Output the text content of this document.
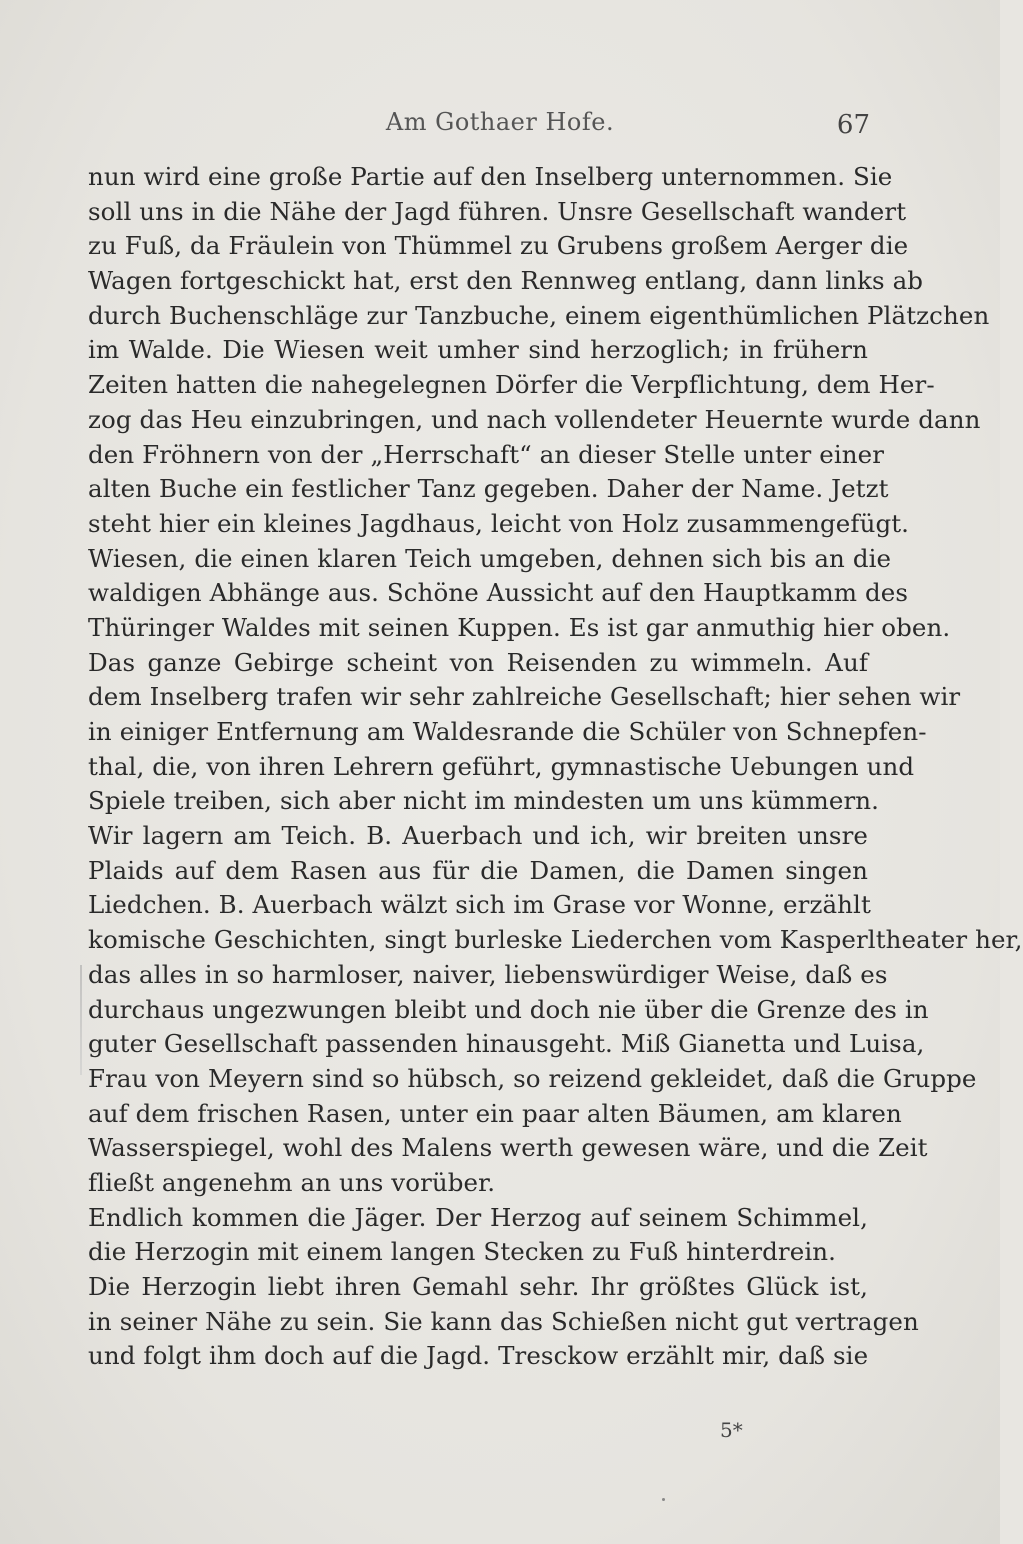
Am Gothaer Hofe.	67
nun wird eine große Partie auf den Inselberg unternommen. Sie
soll uns in die Nähe der Jagd führen. Unsre Gesellschaft wandert
zu Fuß, da Fräulein von Thümmel zu Grubens großem Aerger die
Wagen fortgeschickt hat, erst den Rennweg entlang, dann links ab
durch Buchenschläge zur Tanzbuche, einem eigenthümlichen Plätzchen
im Walde. Die Wiesen weit umher sind herzoglich; in frühern
Zeiten hatten die nahegelegnen Dörfer die Verpflichtung, dem Her-
zog das Heu einzubringen, und nach vollendeter Heuernte wurde dann
den Fröhnern von der „Herrschaft“ an dieser Stelle unter einer
alten Buche ein festlicher Tanz gegeben. Daher der Name. Jetzt
steht hier ein kleines Jagdhaus, leicht von Holz zusammengefügt.
Wiesen, die einen klaren Teich umgeben, dehnen sich bis an die
waldigen Abhänge aus. Schöne Aussicht auf den Hauptkamm des
Thüringer Waldes mit seinen Kuppen. Es ist gar anmuthig hier oben.
Das ganze Gebirge scheint von Reisenden zu wimmeln. Auf
dem Inselberg trafen wir sehr zahlreiche Gesellschaft; hier sehen wir
in einiger Entfernung am Waldesrande die Schüler von Schnepfen-
thal, die, von ihren Lehrern geführt, gymnastische Uebungen und
Spiele treiben, sich aber nicht im mindesten um uns kümmern.
Wir lagern am Teich. B. Auerbach und ich, wir breiten unsre
Plaids auf dem Rasen aus für die Damen, die Damen singen
Liedchen. B. Auerbach wälzt sich im Grase vor Wonne, erzählt
komische Geschichten, singt burleske Liederchen vom Kasperltheater her,
das alles in so harmloser, naiver, liebenswürdiger Weise, daß es
durchaus ungezwungen bleibt und doch nie über die Grenze des in
guter Gesellschaft passenden hinausgeht. Miß Gianetta und Luisa,
Frau von Meyern sind so hübsch, so reizend gekleidet, daß die Gruppe
auf dem frischen Rasen, unter ein paar alten Bäumen, am klaren
Wasserspiegel, wohl des Malens werth gewesen wäre, und die Zeit
fließt angenehm an uns vorüber.
Endlich kommen die Jäger. Der Herzog auf seinem Schimmel,
die Herzogin mit einem langen Stecken zu Fuß hinterdrein.
Die Herzogin liebt ihren Gemahl sehr. Ihr größtes Glück ist,
in seiner Nähe zu sein. Sie kann das Schießen nicht gut vertragen
und folgt ihm doch auf die Jagd. Tresckow erzählt mir, daß sie
5*
